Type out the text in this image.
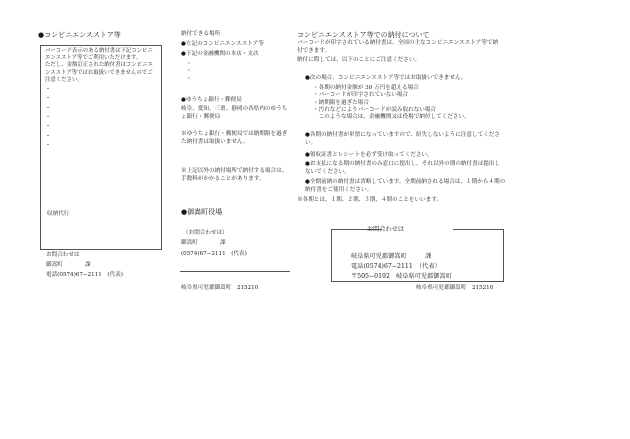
●コンビニエンスストア等

バーコード表示のある納付書は下記コンビニエンスストア等でご利用いただけます。

ただし、金額訂正された納付書はコンビニエンスストア等ではお取扱いできませんのでご注意ください。

・
・
・
・
・
・
・
収納代行
お問合わせは
御嵩町　　　　課
電話(0574)67−2111　(代表)
納付できる場所
●左記のコンビニエンスストア等
●下記の金融機関の本店・支店
・
・
・
●ゆうちょ銀行・郵便局
岐阜、愛知、三重、静岡の各県内のゆうちょ銀行・郵便局
※ゆうちょ銀行・郵便局では納期限を過ぎた納付書は取扱いません。
※上記以外の納付場所で納付する場合は、手数料がかかることがあります。
●御嵩町役場
（お問合わせは）
御嵩町　　　　課
(0574)67−2111　(代表)
岐阜県可児郡御嵩町　215210
コンビニエンスストア等での納付について
バーコードが印字されている納付書は、全国の主なコンビニエンスストア等で納付できます。
納付に際しては、以下のことにご注意ください。
●次の場合、コンビニエンスストア等ではお取扱いできません。
・各期の納付金額が 30 万円を超える場合
・バーコードが印字されていない場合
・納期限を過ぎた場合
・汚れなどによりバーコードが読み取れない場合
　このような場合は、金融機関又は役場で納付してください。
●各期の納付書が単票になっていますので、紛失しないように注意してください。
●領収証書とレシートを必ず受け取ってください。
●お支払になる期の納付書のみ窓口に提出し、それ以外の期の納付書は提出しないでください。
●全期前納の納付書は省略しています。全期前納される場合は、１期から４期の納付書をご使用ください。
※各期とは、１期、２期、３期、４期のことをいいます。
お問合わせは
岐阜県可児郡御嵩町　　　課
電話(0574)67−2111　（代表）
〒505−0192　岐阜県可児郡御嵩町
岐阜県可児郡御嵩町　215210
